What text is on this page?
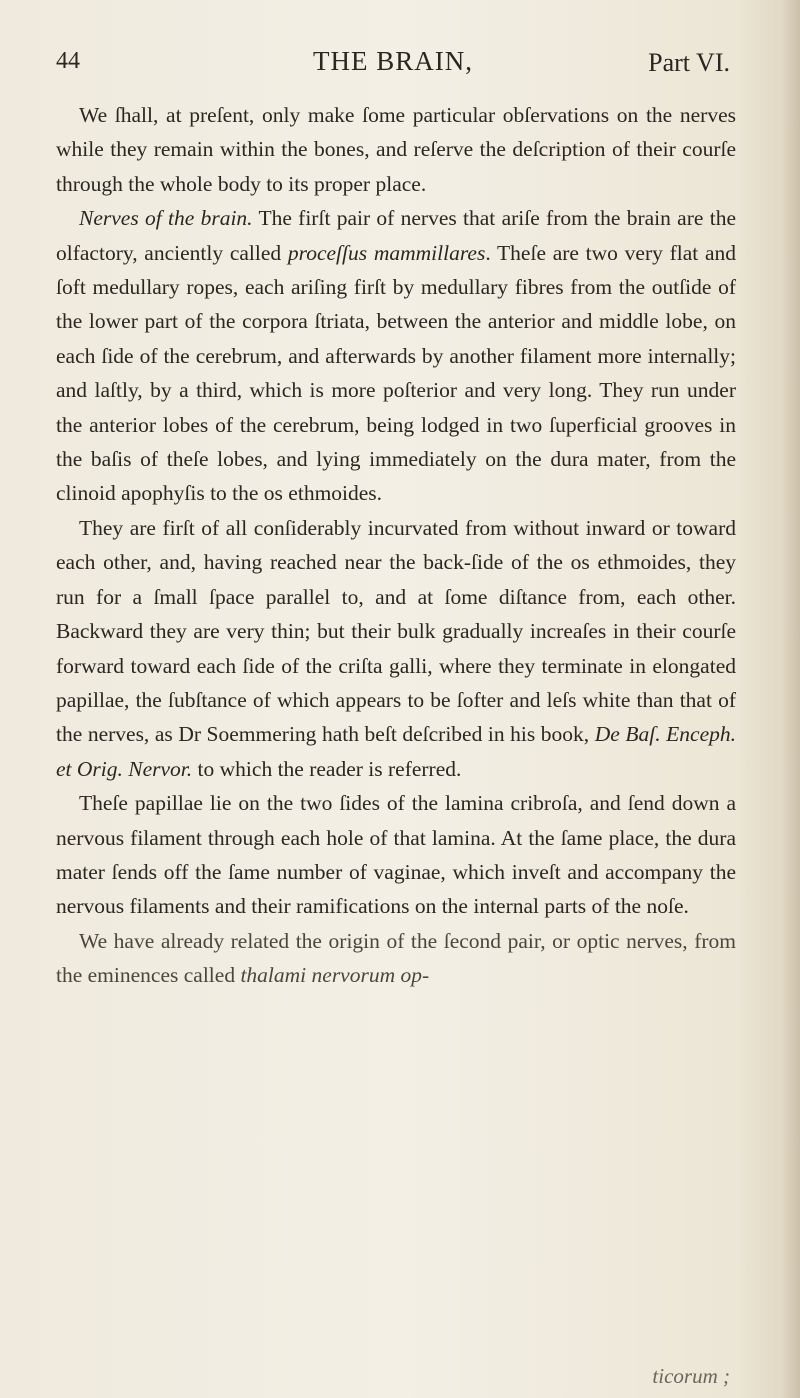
44	THE BRAIN,	Part VI.

We ſhall, at preſent, only make ſome particular obſervations on the nerves while they remain within the bones, and reſerve the deſcription of their courſe through the whole body to its proper place.

Nerves of the brain. The firſt pair of nerves that ariſe from the brain are the olfactory, anciently called proceſſus mammillares. Theſe are two very flat and ſoft medullary ropes, each ariſing firſt by medullary fibres from the outſide of the lower part of the corpora ſtriata, between the anterior and middle lobe, on each ſide of the cerebrum, and afterwards by another filament more internally; and laſtly, by a third, which is more poſterior and very long. They run under the anterior lobes of the cerebrum, being lodged in two ſuperficial grooves in the baſis of theſe lobes, and lying immediately on the dura mater, from the clinoid apophyſis to the os ethmoides.

They are firſt of all conſiderably incurvated from without inward or toward each other, and, having reached near the back-ſide of the os ethmoides, they run for a ſmall ſpace parallel to, and at ſome diſtance from, each other. Backward they are very thin; but their bulk gradually increaſes in their courſe forward toward each ſide of the criſta galli, where they terminate in elongated papillae, the ſubſtance of which appears to be ſofter and leſs white than that of the nerves, as Dr Soemmering hath beſt deſcribed in his book, De Baſ. Enceph. et Orig. Nervor. to which the reader is referred.

Theſe papillae lie on the two ſides of the lamina cribroſa, and ſend down a nervous filament through each hole of that lamina. At the ſame place, the dura mater ſends off the ſame number of vaginae, which inveſt and accompany the nervous filaments and their ramifications on the internal parts of the noſe.

We have already related the origin of the ſecond pair, or optic nerves, from the eminences called thalami nervorum op-

ticorum ;
